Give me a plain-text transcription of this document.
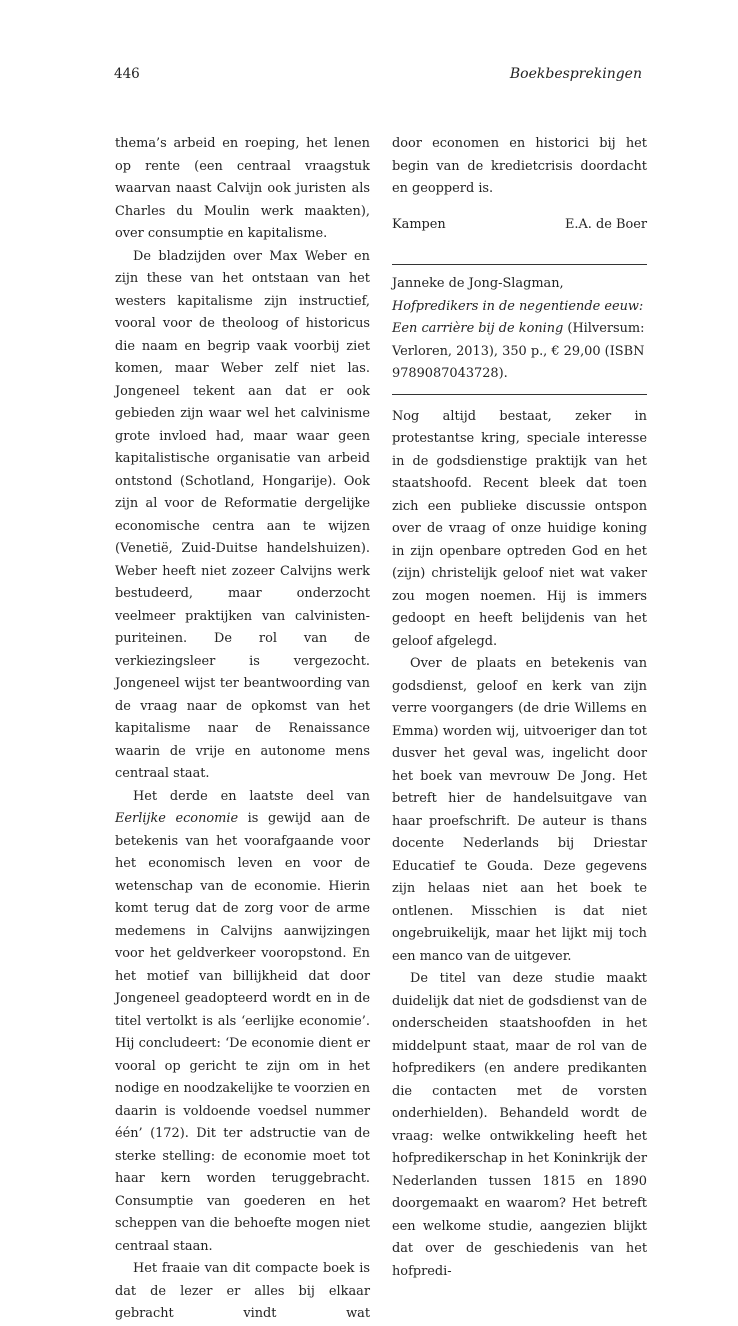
446	Boekbesprekingen

thema’s arbeid en roeping, het lenen op rente (een centraal vraagstuk waarvan naast Calvijn ook juristen als Charles du Moulin werk maakten), over consumptie en kapitalisme.

De bladzijden over Max Weber en zijn these van het ontstaan van het westers kapitalisme zijn instructief, vooral voor de theoloog of historicus die naam en begrip vaak voorbij ziet komen, maar Weber zelf niet las. Jongeneel tekent aan dat er ook gebieden zijn waar wel het calvinisme grote invloed had, maar waar geen kapitalistische organisatie van arbeid ontstond (Schotland, Hongarije). Ook zijn al voor de Reformatie dergelijke economische centra aan te wijzen (Venetië, Zuid-Duitse handelshuizen). Weber heeft niet zozeer Calvijns werk bestudeerd, maar onderzocht veelmeer praktijken van calvinisten-puriteinen. De rol van de verkiezingsleer is vergezocht. Jongeneel wijst ter beantwoording van de vraag naar de opkomst van het kapitalisme naar de Renaissance waarin de vrije en autonome mens centraal staat.

Het derde en laatste deel van Eerlijke economie is gewijd aan de betekenis van het voorafgaande voor het economisch leven en voor de wetenschap van de economie. Hierin komt terug dat de zorg voor de arme medemens in Calvijns aanwijzingen voor het geldverkeer vooropstond. En het motief van billijkheid dat door Jongeneel geadopteerd wordt en in de titel vertolkt is als ‘eerlijke economie’. Hij concludeert: ‘De economie dient er vooral op gericht te zijn om in het nodige en noodzakelijke te voorzien en daarin is voldoende voedsel nummer één’ (172). Dit ter adstructie van de sterke stelling: de economie moet tot haar kern worden teruggebracht. Consumptie van goederen en het scheppen van die behoefte mogen niet centraal staan.

Het fraaie van dit compacte boek is dat de lezer er alles bij elkaar gebracht vindt wat

door economen en historici bij het begin van de kredietcrisis doordacht en geopperd is.

Kampen	E.A. de Boer
Janneke de Jong-Slagman, Hofpredikers in de negentiende eeuw: Een carrière bij de koning (Hilversum: Verloren, 2013), 350 p., € 29,00 (ISBN 9789087043728).

Nog altijd bestaat, zeker in protestantse kring, speciale interesse in de godsdienstige praktijk van het staatshoofd. Recent bleek dat toen zich een publieke discussie ontspon over de vraag of onze huidige koning in zijn openbare optreden God en het (zijn) christelijk geloof niet wat vaker zou mogen noemen. Hij is immers gedoopt en heeft belijdenis van het geloof afgelegd.

Over de plaats en betekenis van godsdienst, geloof en kerk van zijn verre voorgangers (de drie Willems en Emma) worden wij, uitvoeriger dan tot dusver het geval was, ingelicht door het boek van mevrouw De Jong. Het betreft hier de handelsuitgave van haar proefschrift. De auteur is thans docente Nederlands bij Driestar Educatief te Gouda. Deze gegevens zijn helaas niet aan het boek te ontlenen. Misschien is dat niet ongebruikelijk, maar het lijkt mij toch een manco van de uitgever.

De titel van deze studie maakt duidelijk dat niet de godsdienst van de onderscheiden staatshoofden in het middelpunt staat, maar de rol van de hofpredikers (en andere predikanten die contacten met de vorsten onderhielden). Behandeld wordt de vraag: welke ontwikkeling heeft het hofpredikerschap in het Koninkrijk der Nederlanden tussen 1815 en 1890 doorgemaakt en waarom? Het betreft een welkome studie, aangezien blijkt dat over de geschiedenis van het hofpredi-
